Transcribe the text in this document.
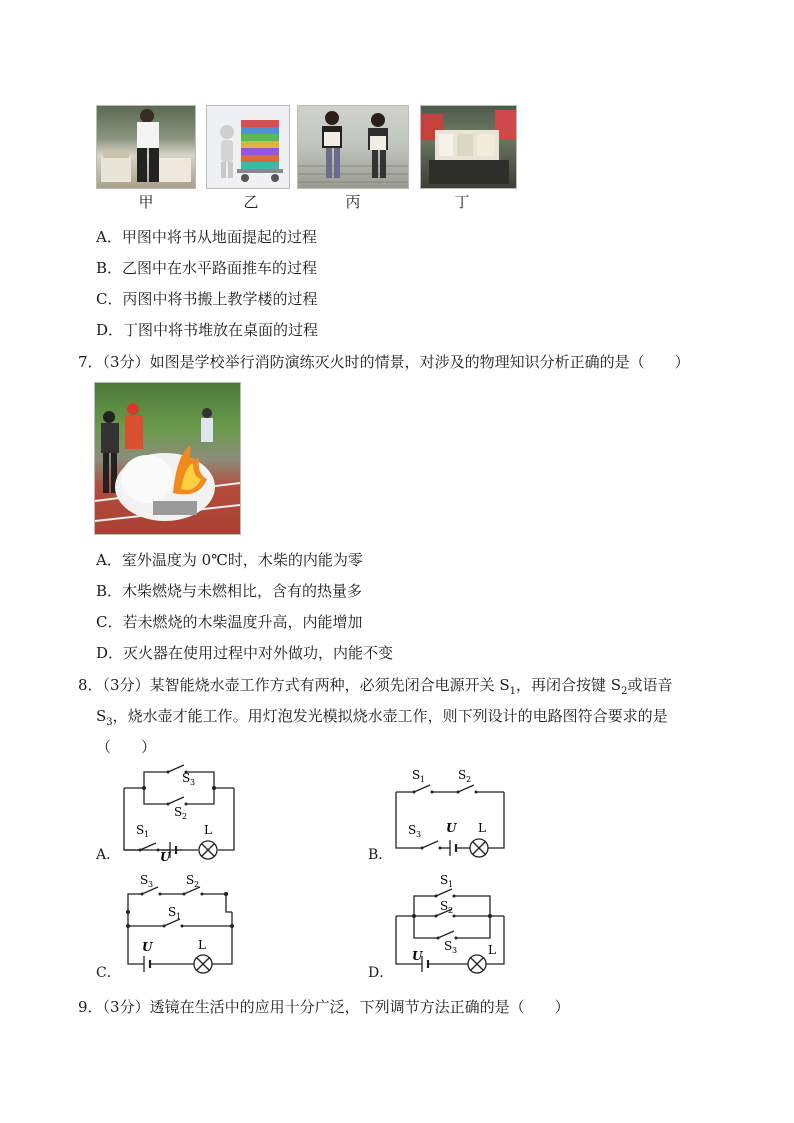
甲	乙	丙	丁
A．甲图中将书从地面提起的过程
B．乙图中在水平路面推车的过程
C．丙图中将书搬上教学楼的过程
D．丁图中将书堆放在桌面的过程
7．（3分）如图是学校举行消防演练灭火时的情景，对涉及的物理知识分析正确的是（　　）
A．室外温度为 0℃时，木柴的内能为零
B．木柴燃烧与未燃相比，含有的热量多
C．若未燃烧的木柴温度升高，内能增加
D．灭火器在使用过程中对外做功，内能不变
8．（3分）某智能烧水壶工作方式有两种，必须先闭合电源开关 $S_1$，再闭合按键 $S_2$或语音
$S_3$，烧水壶才能工作。用灯泡发光模拟烧水壶工作，则下列设计的电路图符合要求的是
（　　）
A．
S 3
S 2
S 1
U
L
B．
S 1	S 2
S 3 U L
C．
S 3	S 2
S 1
U	L
D．
S 1
S 2
S 3
U	L
9．（3分）透镜在生活中的应用十分广泛，下列调节方法正确的是（　　）
